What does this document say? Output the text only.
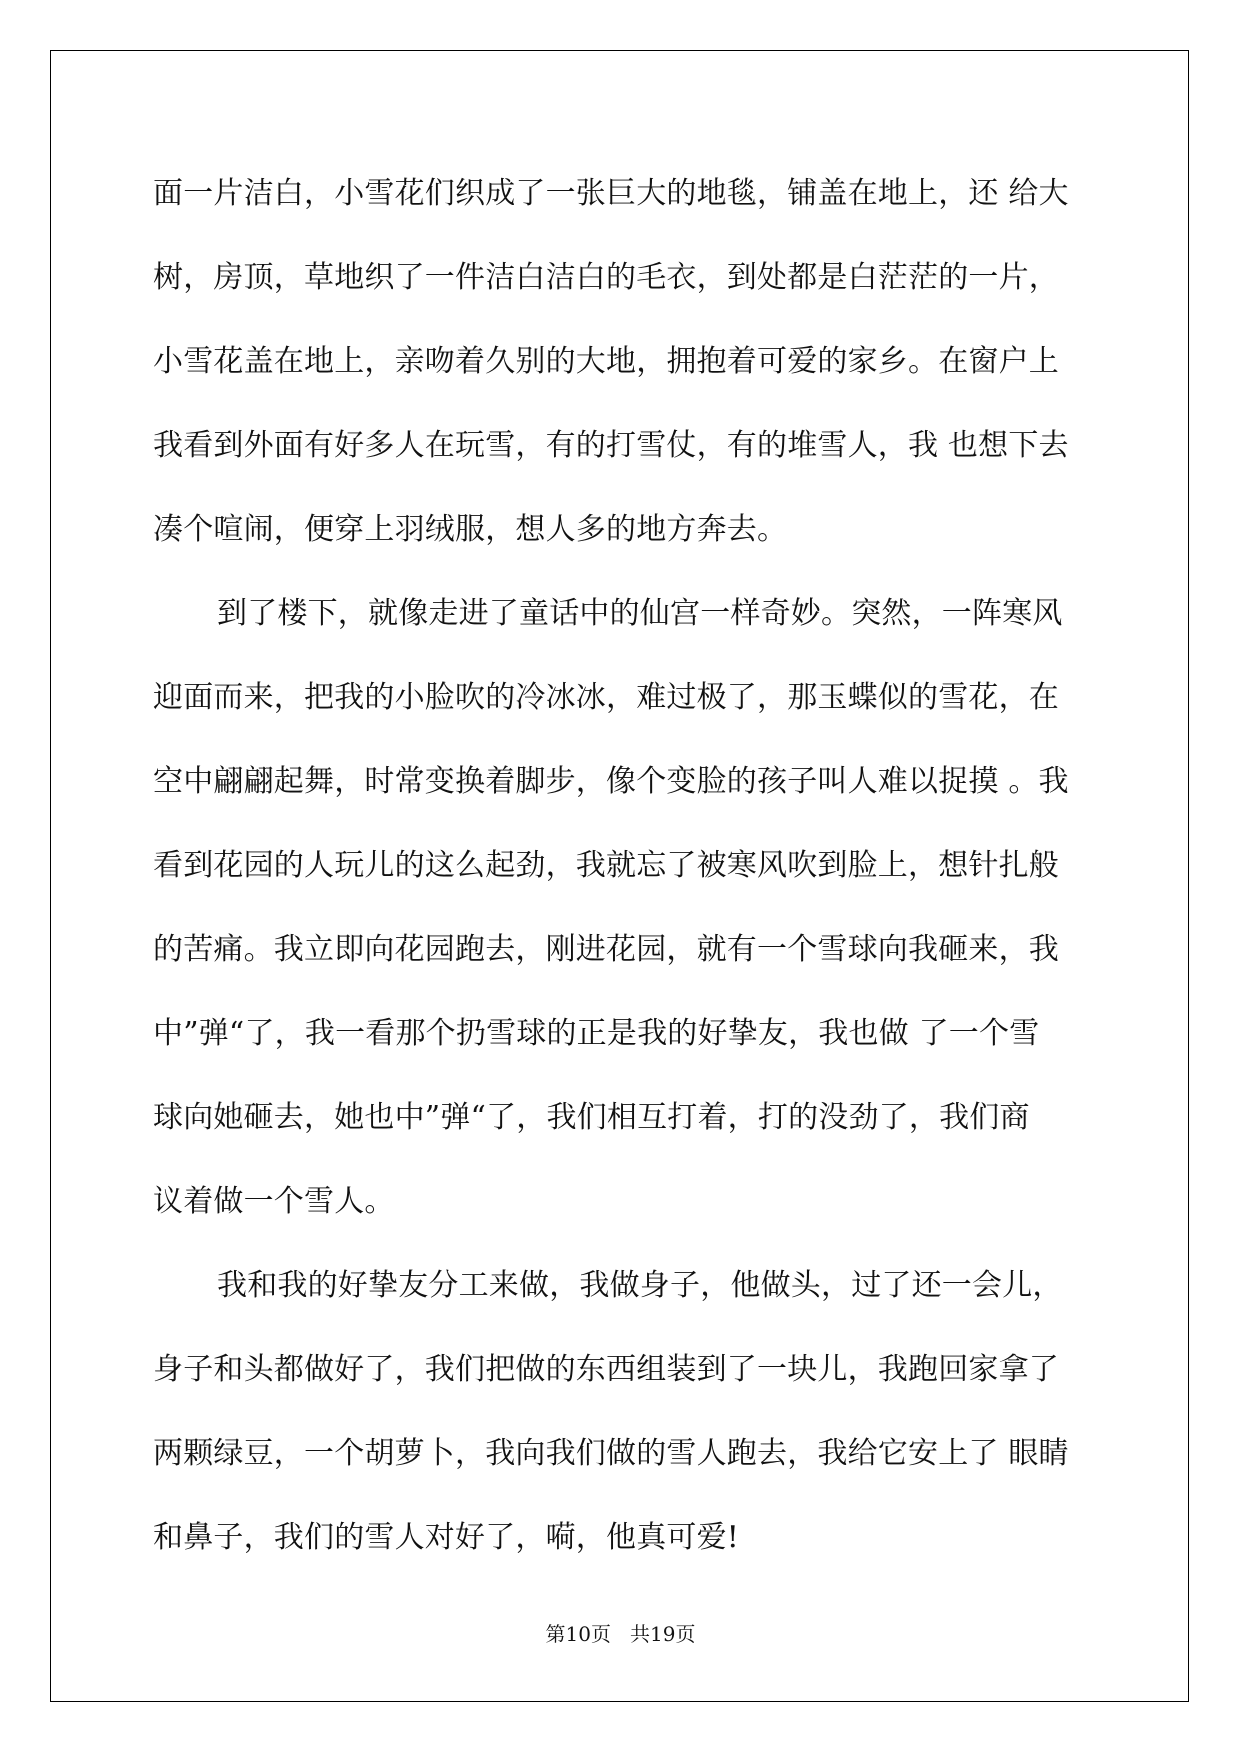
面一片洁白，小雪花们织成了一张巨大的地毯，铺盖在地上，还 给大
树，房顶，草地织了一件洁白洁白的毛衣，到处都是白茫茫的一片，
小雪花盖在地上，亲吻着久别的大地，拥抱着可爱的家乡。在窗户上
我看到外面有好多人在玩雪，有的打雪仗，有的堆雪人，我 也想下去
凑个喧闹，便穿上羽绒服，想人多的地方奔去。
到了楼下，就像走进了童话中的仙宫一样奇妙。突然，一阵寒风
迎面而来，把我的小脸吹的冷冰冰，难过极了，那玉蝶似的雪花，在
空中翩翩起舞，时常变换着脚步，像个变脸的孩子叫人难以捉摸 。我
看到花园的人玩儿的这么起劲，我就忘了被寒风吹到脸上，想针扎般
的苦痛。我立即向花园跑去，刚进花园，就有一个雪球向我砸来，我
中”弹“了，我一看那个扔雪球的正是我的好挚友，我也做 了一个雪
球向她砸去，她也中”弹“了，我们相互打着，打的没劲了，我们商
议着做一个雪人。
我和我的好挚友分工来做，我做身子，他做头，过了还一会儿，
身子和头都做好了，我们把做的东西组装到了一块儿，我跑回家拿了
两颗绿豆，一个胡萝卜，我向我们做的雪人跑去，我给它安上了 眼睛
和鼻子，我们的雪人对好了，嗬，他真可爱!
第10页   共19页
